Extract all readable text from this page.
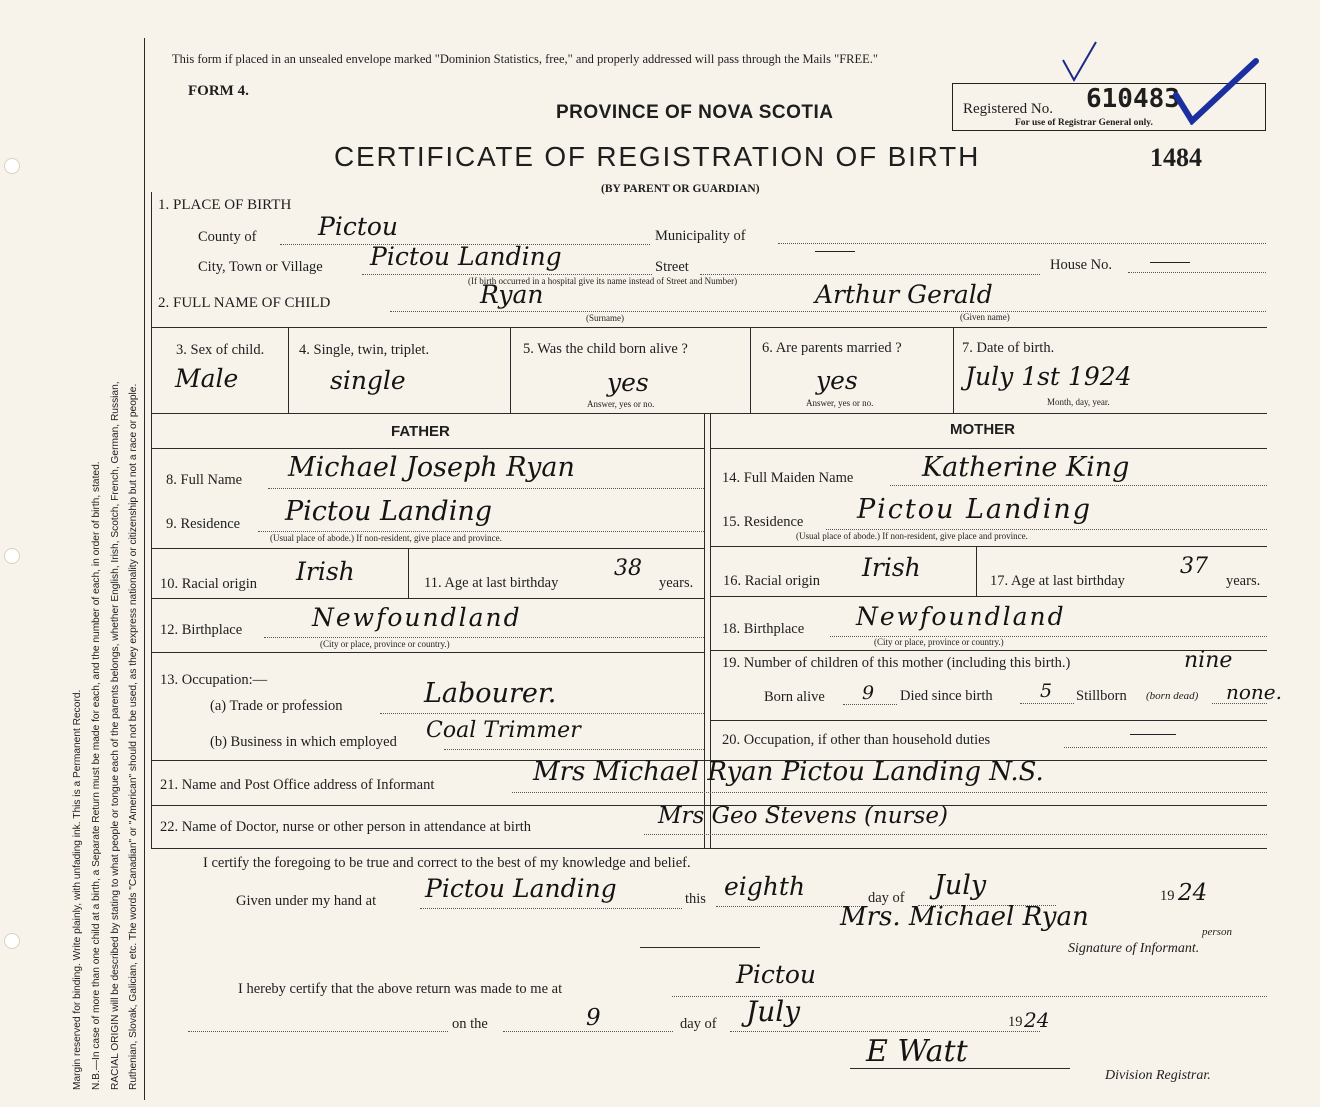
Margin reserved for binding. Write plainly, with unfading ink. This is a Permanent Record. N.B.—In case of more than one child at a birth, a Separate Return must be made for each, and the number of each, in order of birth, stated. RACIAL ORIGIN will be described by stating to what people or tongue each of the parents belongs, whether English, Irish, Scotch, French, German, Russian, Ruthenian, Slovak, Galician, etc. The words "Canadian" or "American" should not be used, as they express nationality or citizenship but not a race or people.
This form if placed in an unsealed envelope marked "Dominion Statistics, free," and properly addressed will pass through the Mails "FREE."
FORM 4.
PROVINCE OF NOVA SCOTIA
CERTIFICATE OF REGISTRATION OF BIRTH
(BY PARENT OR GUARDIAN)
1484
Registered No. 610483
For use of Registrar General only.
1. PLACE OF BIRTH
County of Pictou	Municipality of
City, Town or Village Pictou Landing	Street	House No.
(If birth occurred in a hospital give its name instead of Street and Number)
2. FULL NAME OF CHILD	Ryan
(Surname)
Arthur Gerald
(Given name)
3. Sex of child.
Male
4. Single, twin, triplet.
single
5. Was the child born alive ?
yes
Answer, yes or no.
6. Are parents married ?
yes
Answer, yes or no.
7. Date of birth.
July 1st 1924
Month, day, year.
FATHER
8. Full Name Michael Joseph Ryan
9. Residence Pictou Landing
(Usual place of abode.) If non-resident, give place and province.
10. Racial origin Irish	11. Age at last birthday
38
years.
12. Birthplace	Newfoundland
(City or place, province or country.)
13. Occupation:—
(a) Trade or profession	Labourer.
(b) Business in which employed Coal Trimmer
MOTHER
14. Full Maiden Name	Katherine King
15. Residence Pictou Landing
(Usual place of abode.) If non-resident, give place and province.
16. Racial origin Irish	17. Age at last birthday
37
years.
18. Birthplace Newfoundland
(City or place, province or country.)
19. Number of children of this mother (including this birth.)	nine
Born alive 9 Died since birth 5 Stillborn (born dead) none.
20. Occupation, if other than household duties
21. Name and Post Office address of Informant	Mrs Michael Ryan Pictou Landing N.S.
22. Name of Doctor, nurse or other person in attendance at birth	Mrs Geo Stevens (nurse)
I certify the foregoing to be true and correct to the best of my knowledge and belief.
Given under my hand at Pictou Landing	this eighth	day of July	19 24
Mrs. Michael Ryan	person
Signature of Informant.
I hereby certify that the above return was made to me at	Pictou
on the	9	day of July	19 24
E Watt
Division Registrar.
